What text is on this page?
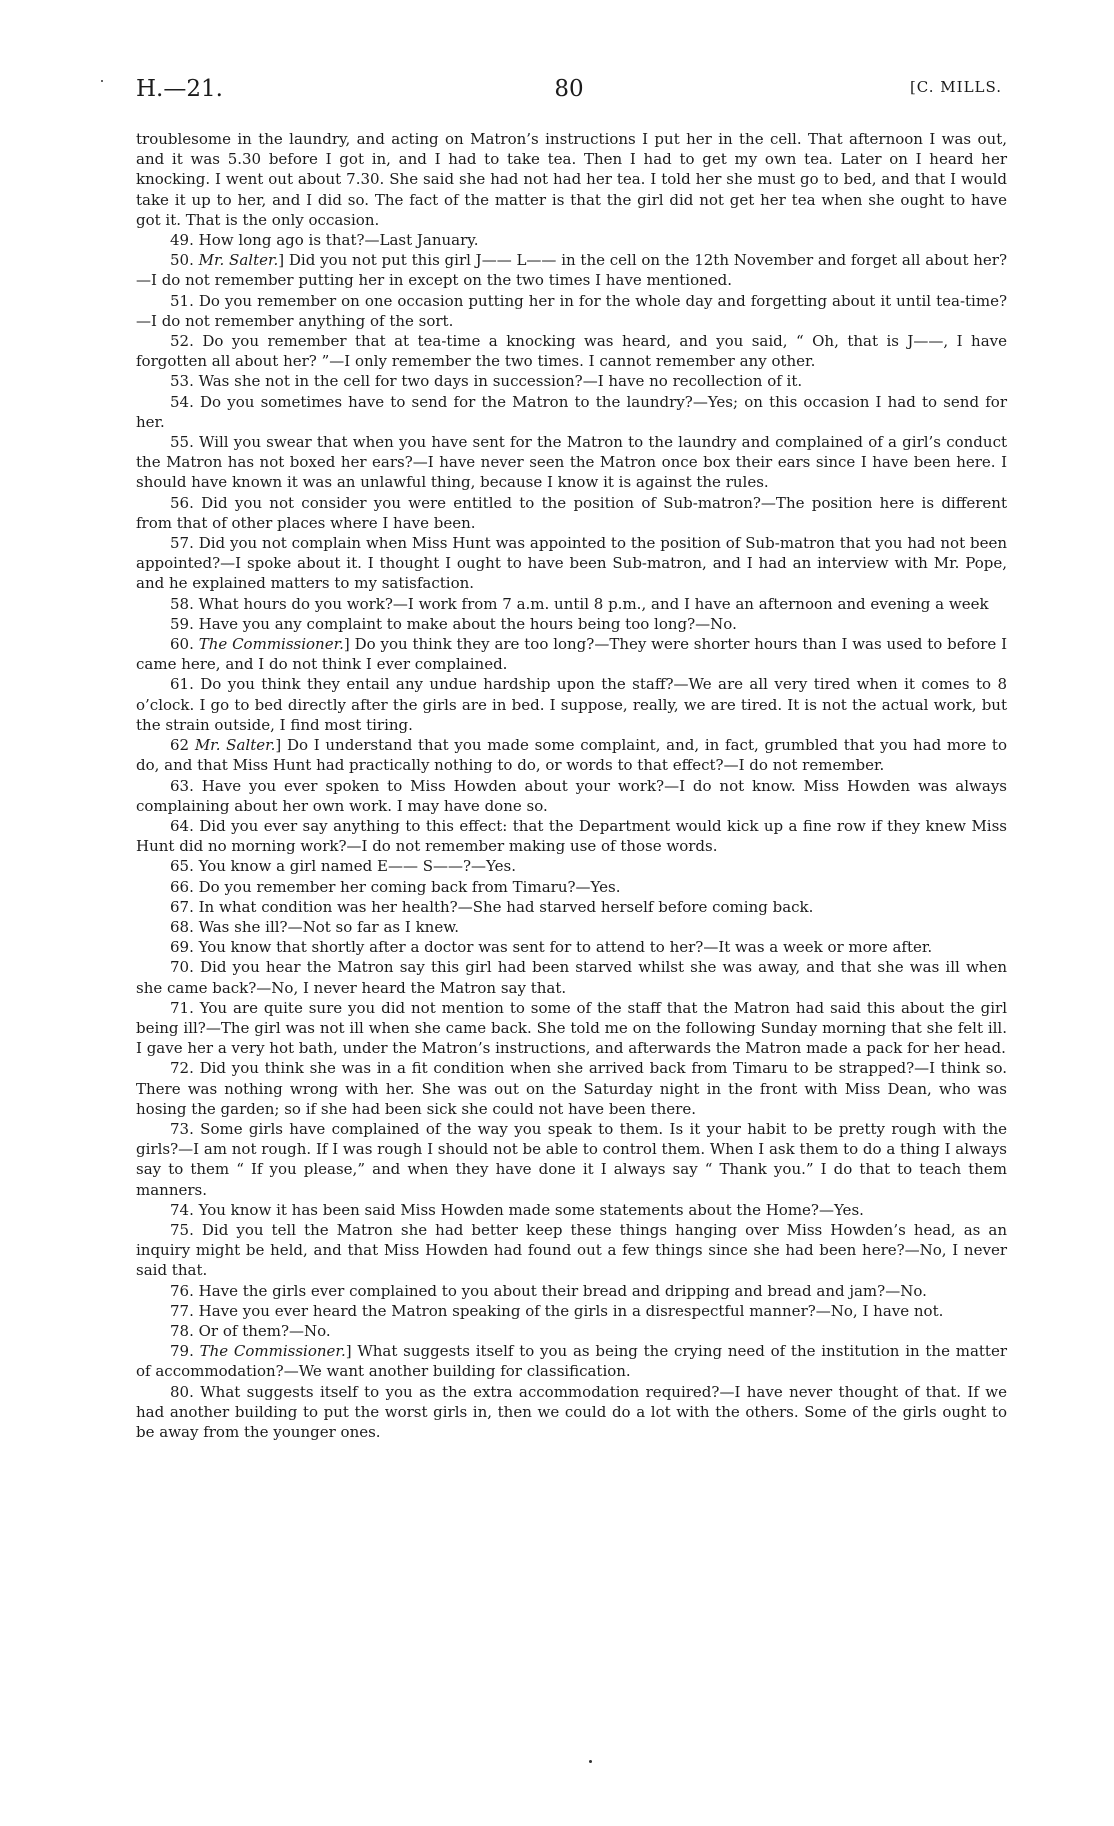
H.—21.	80	[C. MILLS.

troublesome in the laundry, and acting on Matron’s instructions I put her in the cell. That afternoon I was out, and it was 5.30 before I got in, and I had to take tea. Then I had to get my own tea. Later on I heard her knocking. I went out about 7.30. She said she had not had her tea. I told her she must go to bed, and that I would take it up to her, and I did so. The fact of the matter is that the girl did not get her tea when she ought to have got it. That is the only occasion.

49. How long ago is that?—Last January.

50. Mr. Salter.] Did you not put this girl J—— L—— in the cell on the 12th November and forget all about her?—I do not remember putting her in except on the two times I have mentioned.

51. Do you remember on one occasion putting her in for the whole day and forgetting about it until tea-time?—I do not remember anything of the sort.

52. Do you remember that at tea-time a knocking was heard, and you said, “ Oh, that is J——, I have forgotten all about her? ”—I only remember the two times. I cannot remember any other.

53. Was she not in the cell for two days in succession?—I have no recollection of it.

54. Do you sometimes have to send for the Matron to the laundry?—Yes; on this occasion I had to send for her.

55. Will you swear that when you have sent for the Matron to the laundry and complained of a girl’s conduct the Matron has not boxed her ears?—I have never seen the Matron once box their ears since I have been here. I should have known it was an unlawful thing, because I know it is against the rules.

56. Did you not consider you were entitled to the position of Sub-matron?—The position here is different from that of other places where I have been.

57. Did you not complain when Miss Hunt was appointed to the position of Sub-matron that you had not been appointed?—I spoke about it. I thought I ought to have been Sub-matron, and I had an interview with Mr. Pope, and he explained matters to my satisfaction.

58. What hours do you work?—I work from 7 a.m. until 8 p.m., and I have an afternoon and evening a week

59. Have you any complaint to make about the hours being too long?—No.

60. The Commissioner.] Do you think they are too long?—They were shorter hours than I was used to before I came here, and I do not think I ever complained.

61. Do you think they entail any undue hardship upon the staff?—We are all very tired when it comes to 8 o’clock. I go to bed directly after the girls are in bed. I suppose, really, we are tired. It is not the actual work, but the strain outside, I find most tiring.

62 Mr. Salter.] Do I understand that you made some complaint, and, in fact, grumbled that you had more to do, and that Miss Hunt had practically nothing to do, or words to that effect?—I do not remember.

63. Have you ever spoken to Miss Howden about your work?—I do not know. Miss Howden was always complaining about her own work. I may have done so.

64. Did you ever say anything to this effect: that the Department would kick up a fine row if they knew Miss Hunt did no morning work?—I do not remember making use of those words.

65. You know a girl named E—— S——?—Yes.

66. Do you remember her coming back from Timaru?—Yes.

67. In what condition was her health?—She had starved herself before coming back.

68. Was she ill?—Not so far as I knew.

69. You know that shortly after a doctor was sent for to attend to her?—It was a week or more after.

70. Did you hear the Matron say this girl had been starved whilst she was away, and that she was ill when she came back?—No, I never heard the Matron say that.

71. You are quite sure you did not mention to some of the staff that the Matron had said this about the girl being ill?—The girl was not ill when she came back. She told me on the following Sunday morning that she felt ill. I gave her a very hot bath, under the Matron’s instructions, and afterwards the Matron made a pack for her head.

72. Did you think she was in a fit condition when she arrived back from Timaru to be strapped?—I think so. There was nothing wrong with her. She was out on the Saturday night in the front with Miss Dean, who was hosing the garden; so if she had been sick she could not have been there.

73. Some girls have complained of the way you speak to them. Is it your habit to be pretty rough with the girls?—I am not rough. If I was rough I should not be able to control them. When I ask them to do a thing I always say to them “ If you please,” and when they have done it I always say “ Thank you.” I do that to teach them manners.

74. You know it has been said Miss Howden made some statements about the Home?—Yes.

75. Did you tell the Matron she had better keep these things hanging over Miss Howden’s head, as an inquiry might be held, and that Miss Howden had found out a few things since she had been here?—No, I never said that.

76. Have the girls ever complained to you about their bread and dripping and bread and jam?—No.

77. Have you ever heard the Matron speaking of the girls in a disrespectful manner?—No, I have not.

78. Or of them?—No.

79. The Commissioner.] What suggests itself to you as being the crying need of the institution in the matter of accommodation?—We want another building for classification.

80. What suggests itself to you as the extra accommodation required?—I have never thought of that. If we had another building to put the worst girls in, then we could do a lot with the others. Some of the girls ought to be away from the younger ones.
